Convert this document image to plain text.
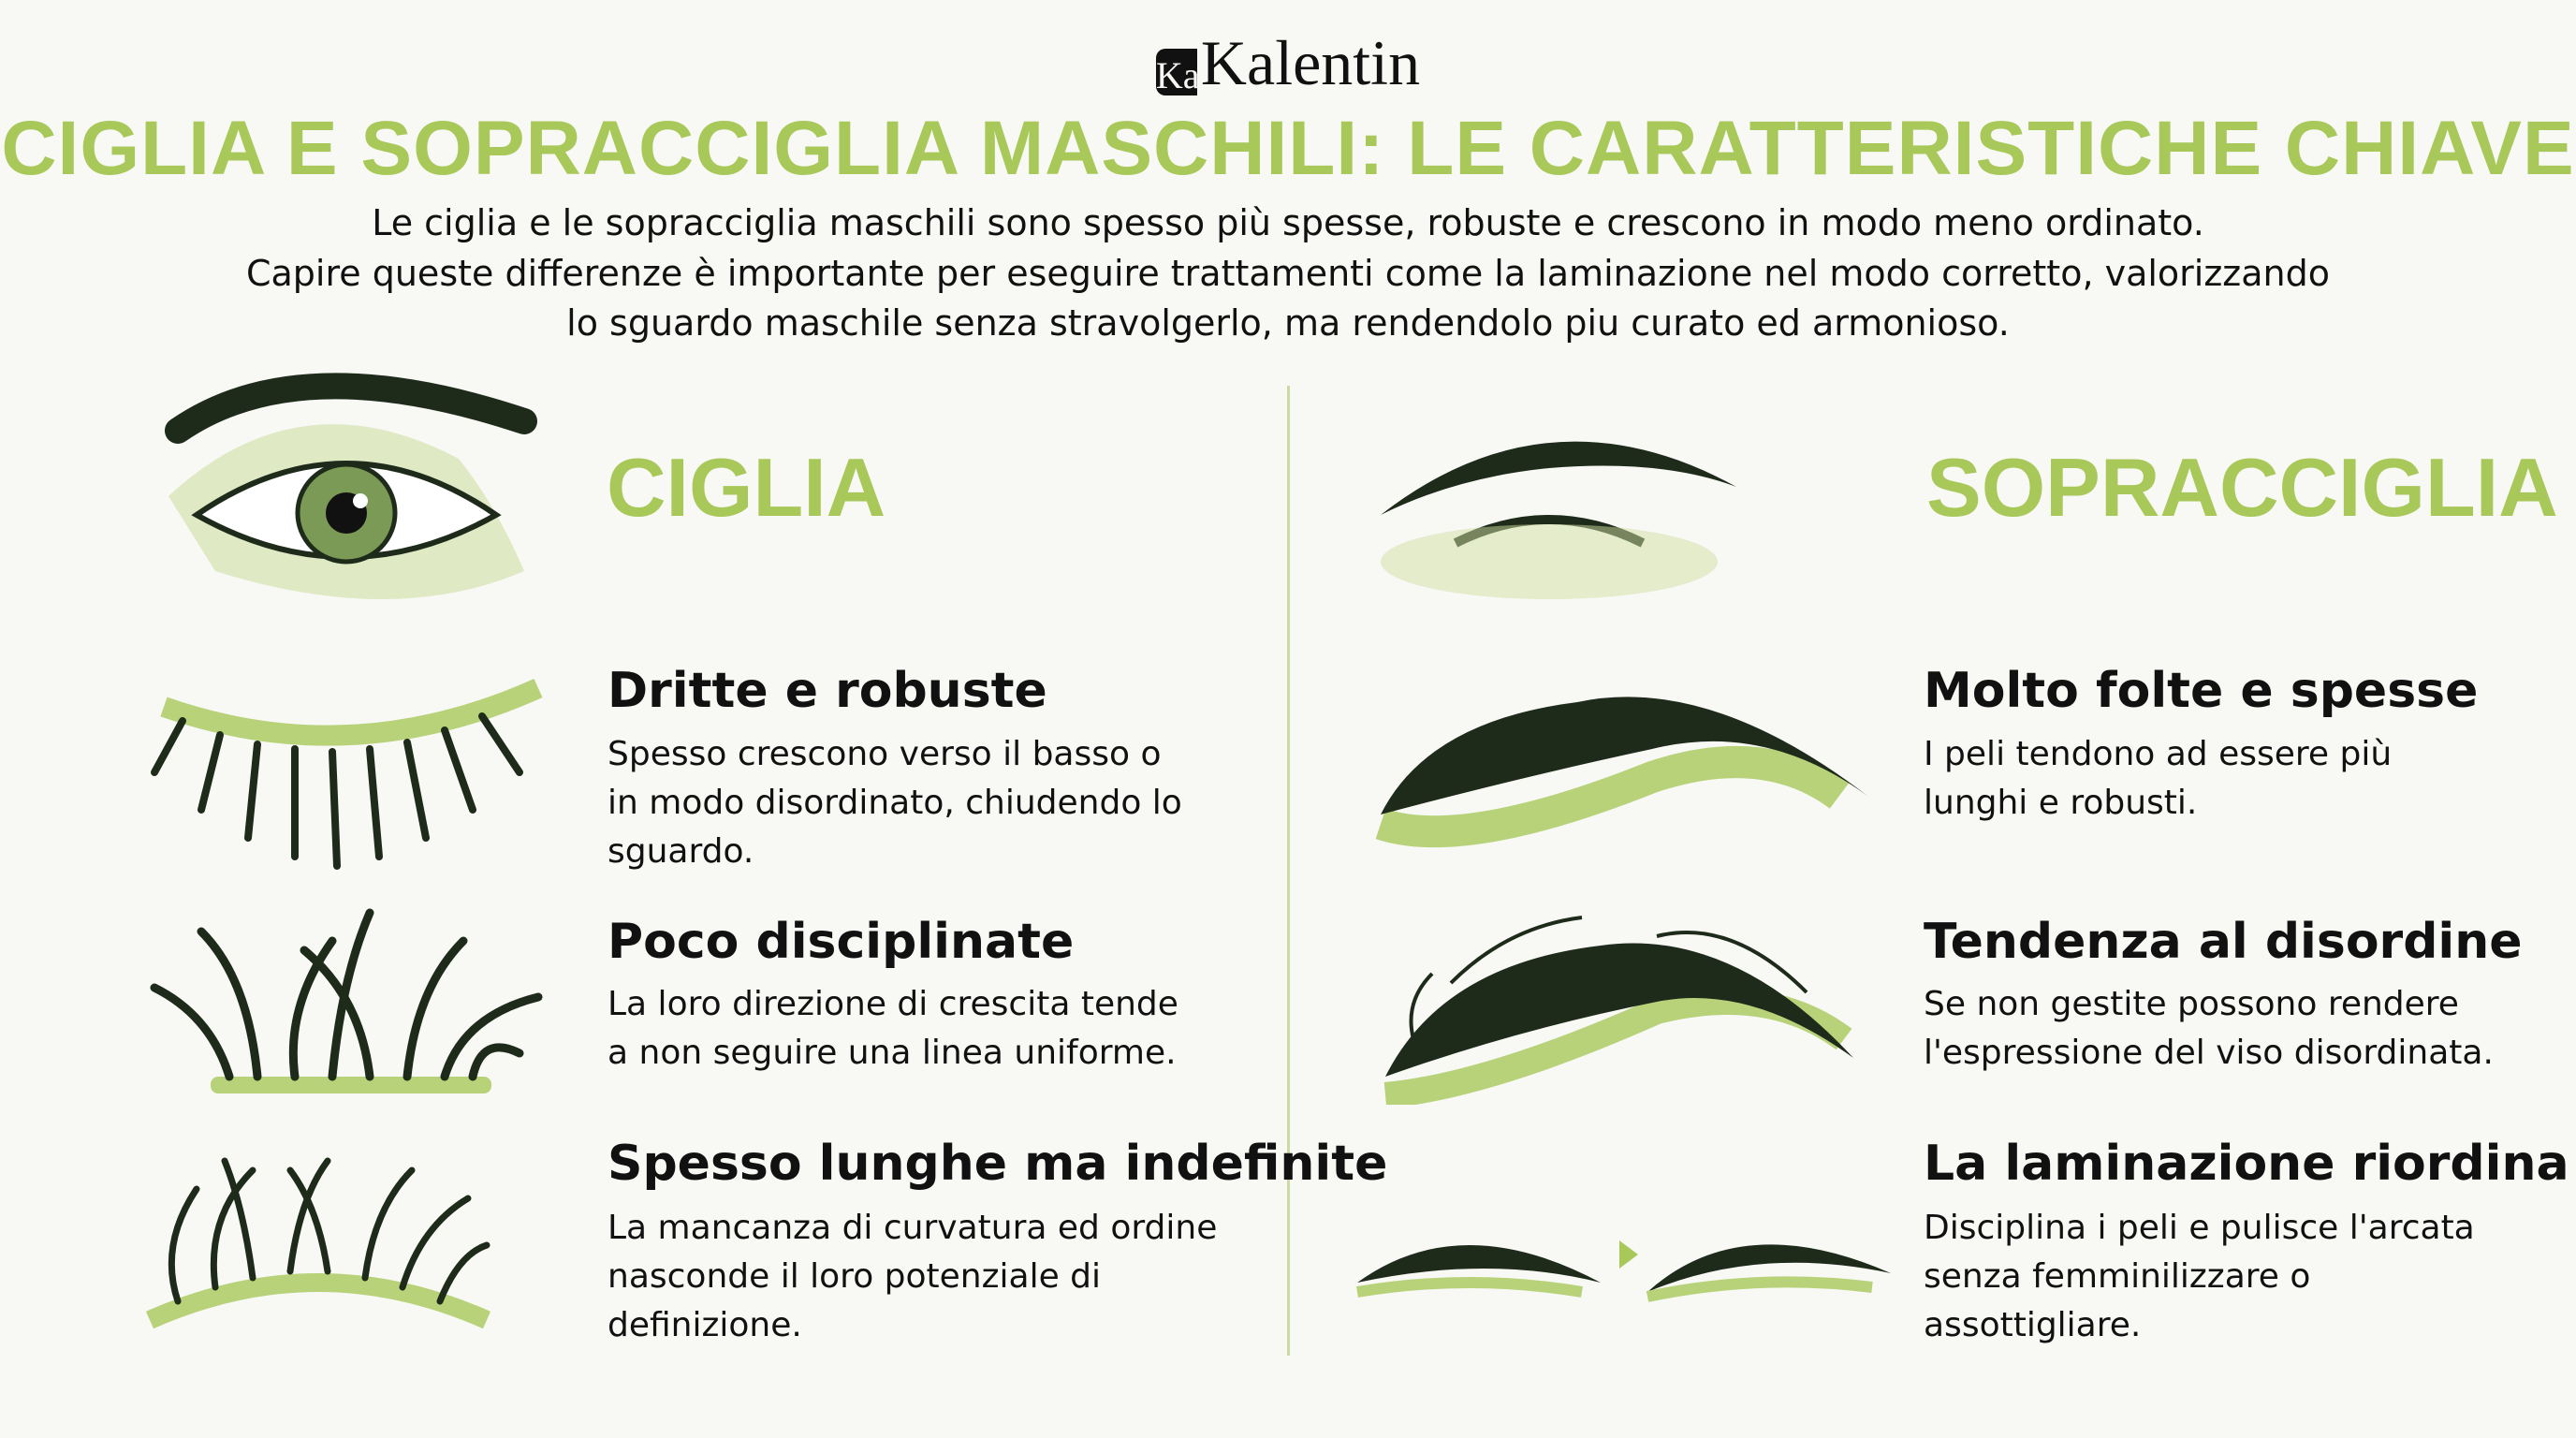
KaKalentin
CIGLIA E SOPRACCIGLIA MASCHILI: LE CARATTERISTICHE CHIAVE
Le ciglia e le sopracciglia maschili sono spesso più spesse, robuste e crescono in modo meno ordinato.
Capire queste differenze è importante per eseguire trattamenti come la laminazione nel modo corretto, valorizzando
lo sguardo maschile senza stravolgerlo, ma rendendolo piu curato ed armonioso.
CIGLIA
Dritte e robuste
Spesso crescono verso il basso o
in modo disordinato, chiudendo lo
sguardo.
Poco disciplinate
La loro direzione di crescita tende
a non seguire una linea uniforme.
Spesso lunghe ma indefinite
La mancanza di curvatura ed ordine
nasconde il loro potenziale di
definizione.
SOPRACCIGLIA
Molto folte e spesse
I peli tendono ad essere più
lunghi e robusti.
Tendenza al disordine
Se non gestite possono rendere
l'espressione del viso disordinata.
La laminazione riordina
Disciplina i peli e pulisce l'arcata
senza femminilizzare o
assottigliare.
